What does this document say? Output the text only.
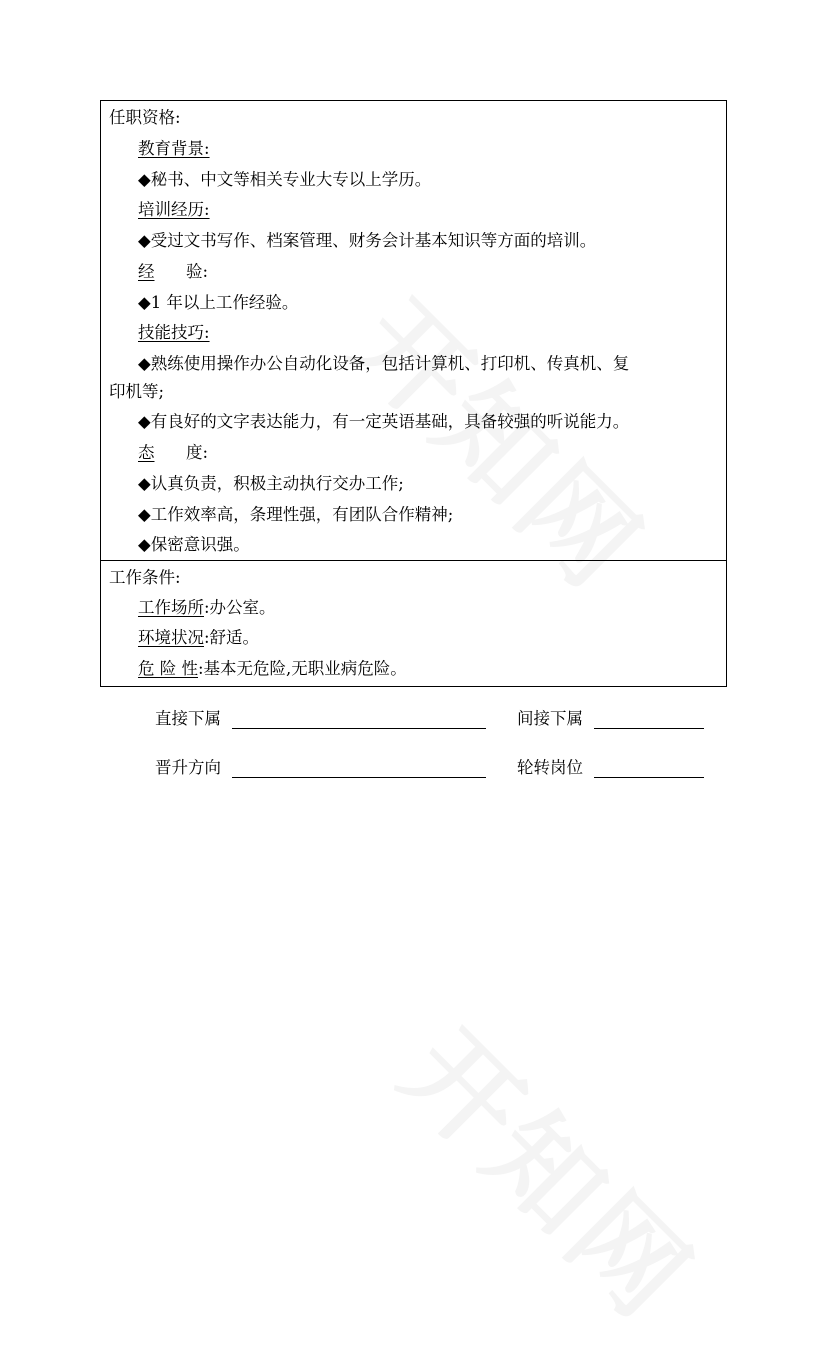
任职资格:
教育背景:
◆秘书、中文等相关专业大专以上学历。
培训经历:
◆受过文书写作、档案管理、财务会计基本知识等方面的培训。
经 验:
◆1 年以上工作经验。
技能技巧:
◆熟练使用操作办公自动化设备，包括计算机、打印机、传真机、复
印机等;
◆有良好的文字表达能力，有一定英语基础，具备较强的听说能力。
态 度:
◆认真负责，积极主动执行交办工作;
◆工作效率高，条理性强，有团队合作精神;
◆保密意识强。
工作条件:
工作场所:办公室。
环境状况:舒适。
危 险 性:基本无危险,无职业病危险。
直接下属	间接下属
晋升方向	轮转岗位
